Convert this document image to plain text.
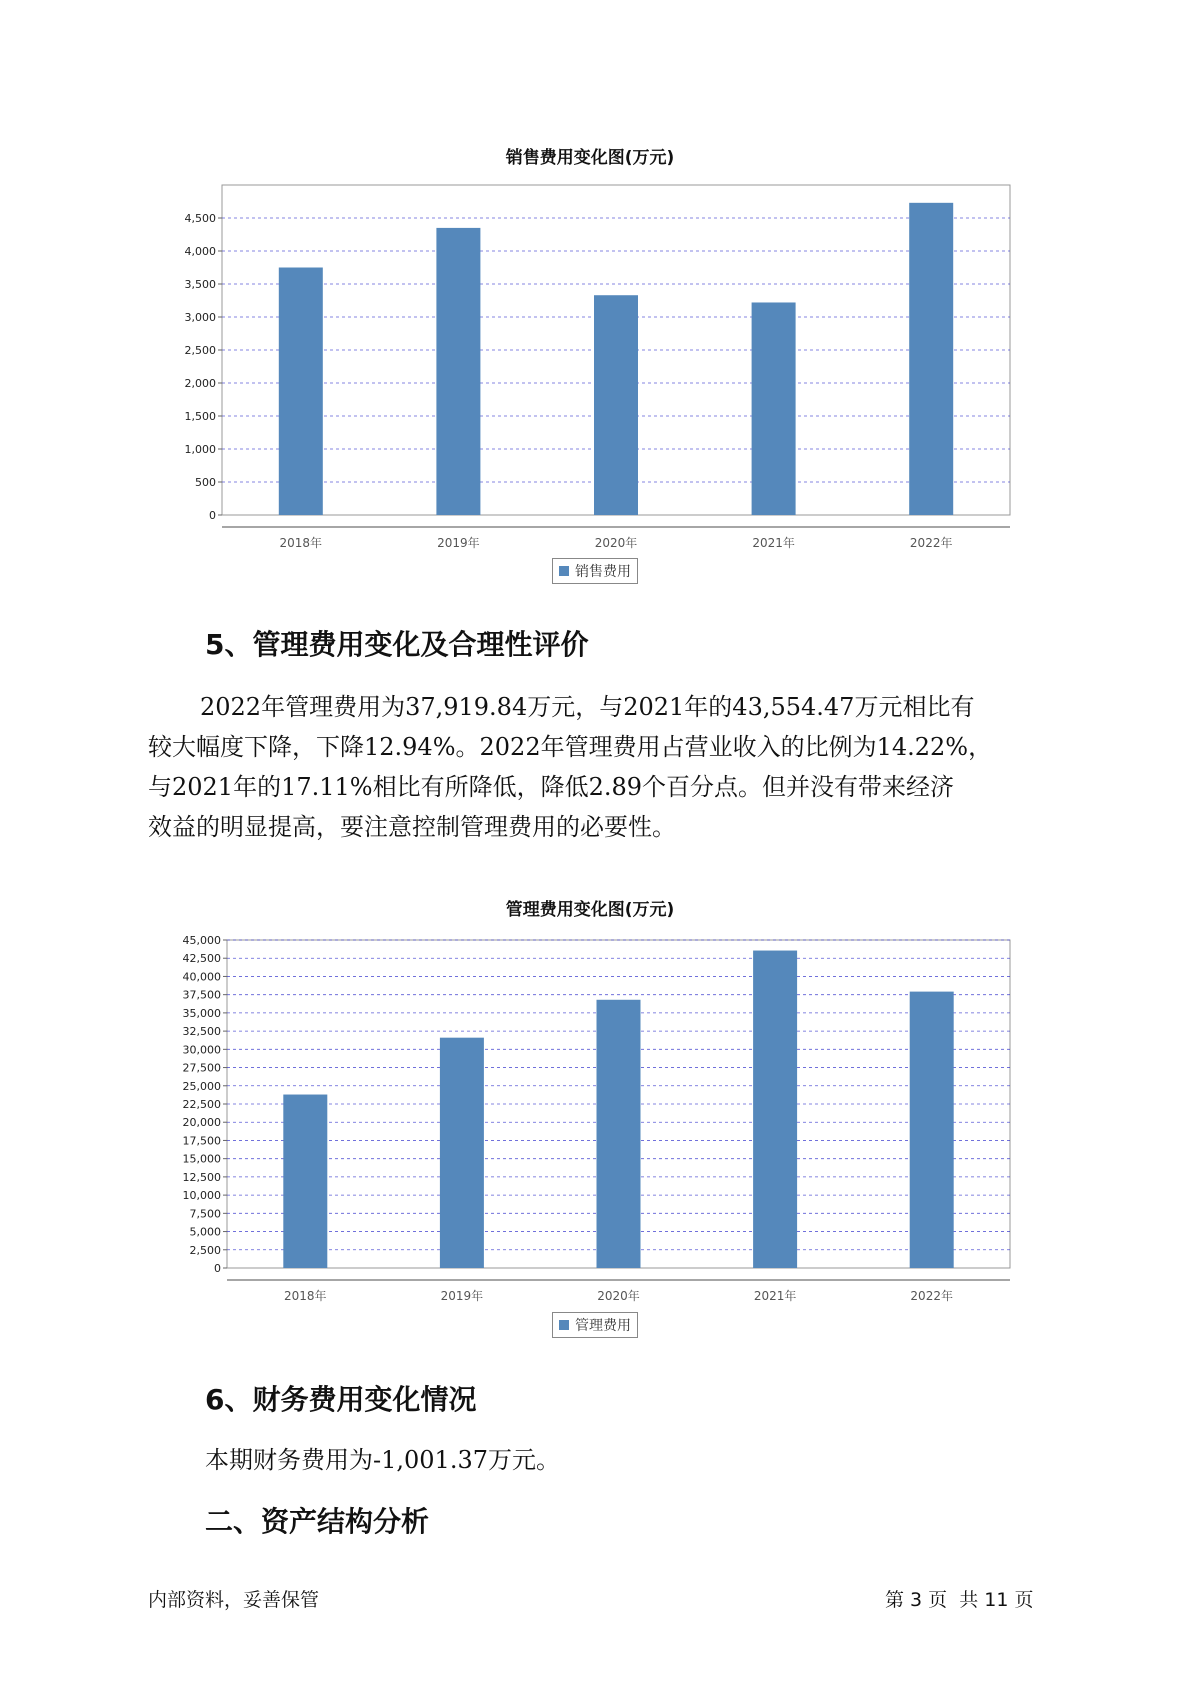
销售费用变化图(万元)
0
500
1,000
1,500
2,000
2,500
3,000
3,500
4,000
4,500
2018年	2019年	2020年	2021年	2022年
销售费用
5、管理费用变化及合理性评价
2022年管理费用为37,919.84万元，与2021年的43,554.47万元相比有
较大幅度下降，下降12.94%。2022年管理费用占营业收入的比例为14.22%，
与2021年的17.11%相比有所降低，降低2.89个百分点。但并没有带来经济
效益的明显提高，要注意控制管理费用的必要性。
管理费用变化图(万元)
0
2,500
5,000
7,500
10,000
12,500
15,000
17,500
20,000
22,500
25,000
27,500
30,000
32,500
35,000
37,500
40,000
42,500
45,000
2018年	2019年	2020年	2021年	2022年
管理费用
6、财务费用变化情况
本期财务费用为-1,001.37万元。
二、资产结构分析
内部资料，妥善保管	第 3 页  共 11 页
